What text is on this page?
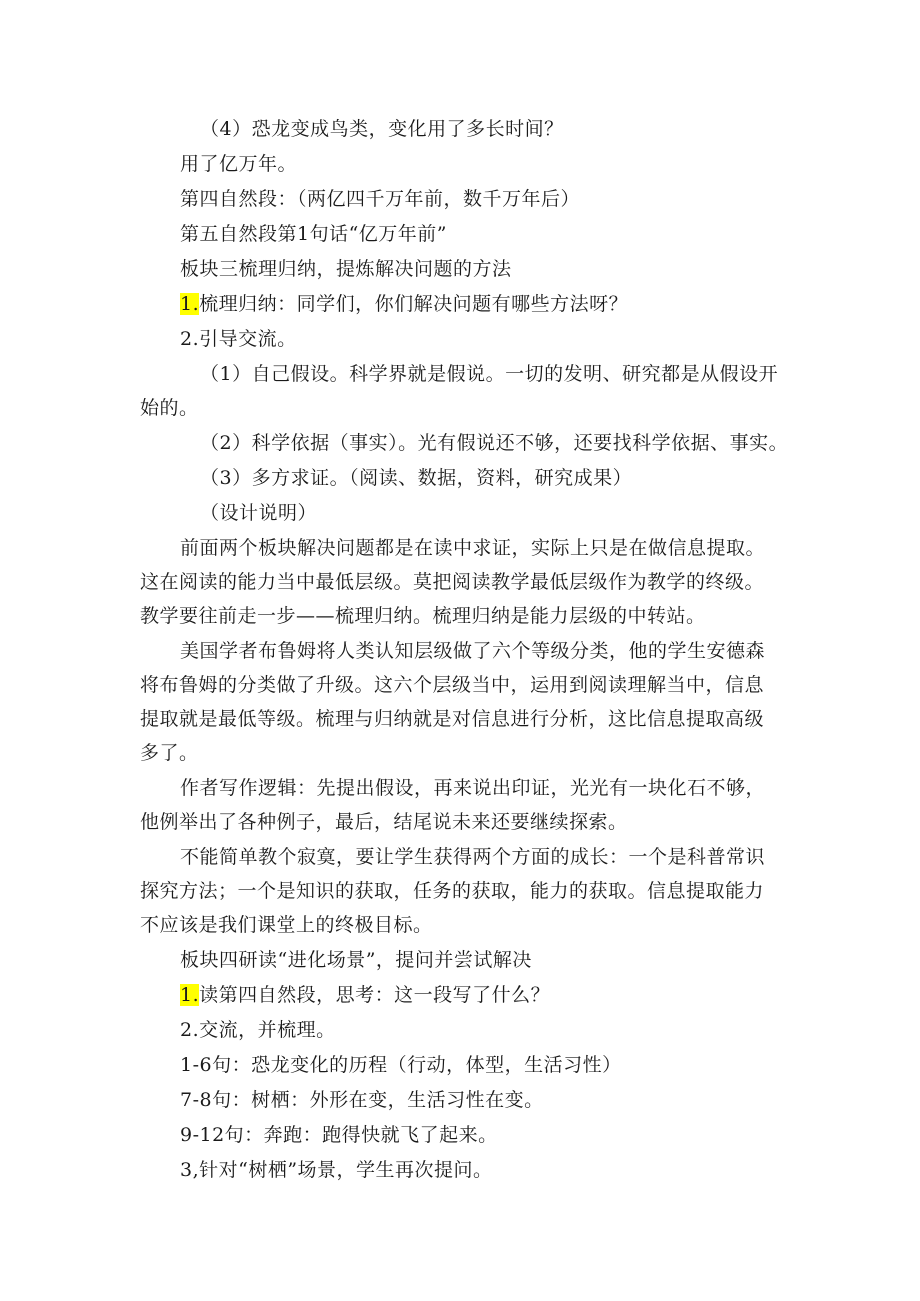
（4）恐龙变成鸟类，变化用了多长时间？
用了亿万年。
第四自然段：（两亿四千万年前，数千万年后）
第五自然段第1句话“亿万年前”
板块三梳理归纳，提炼解决问题的方法
1.梳理归纳：同学们，你们解决问题有哪些方法呀？
2.引导交流。
（1）自己假设。科学界就是假说。一切的发明、研究都是从假设开
始的。
（2）科学依据（事实）。光有假说还不够，还要找科学依据、事实。
（3）多方求证。（阅读、数据，资料，研究成果）
（设计说明）
前面两个板块解决问题都是在读中求证，实际上只是在做信息提取。
这在阅读的能力当中最低层级。莫把阅读教学最低层级作为教学的终级。
教学要往前走一步——梳理归纳。梳理归纳是能力层级的中转站。
美国学者布鲁姆将人类认知层级做了六个等级分类，他的学生安德森
将布鲁姆的分类做了升级。这六个层级当中，运用到阅读理解当中，信息
提取就是最低等级。梳理与归纳就是对信息进行分析，这比信息提取高级
多了。
作者写作逻辑：先提出假设，再来说出印证，光光有一块化石不够，
他例举出了各种例子，最后，结尾说未来还要继续探索。
不能简单教个寂寞，要让学生获得两个方面的成长：一个是科普常识
探究方法；一个是知识的获取，任务的获取，能力的获取。信息提取能力
不应该是我们课堂上的终极目标。
板块四研读“进化场景”，提问并尝试解决
1.读第四自然段，思考：这一段写了什么？
2.交流，并梳理。
1-6句：恐龙变化的历程（行动，体型，生活习性）
7-8句：树栖：外形在变，生活习性在变。
9-12句：奔跑：跑得快就飞了起来。
3,针对“树栖”场景，学生再次提问。
